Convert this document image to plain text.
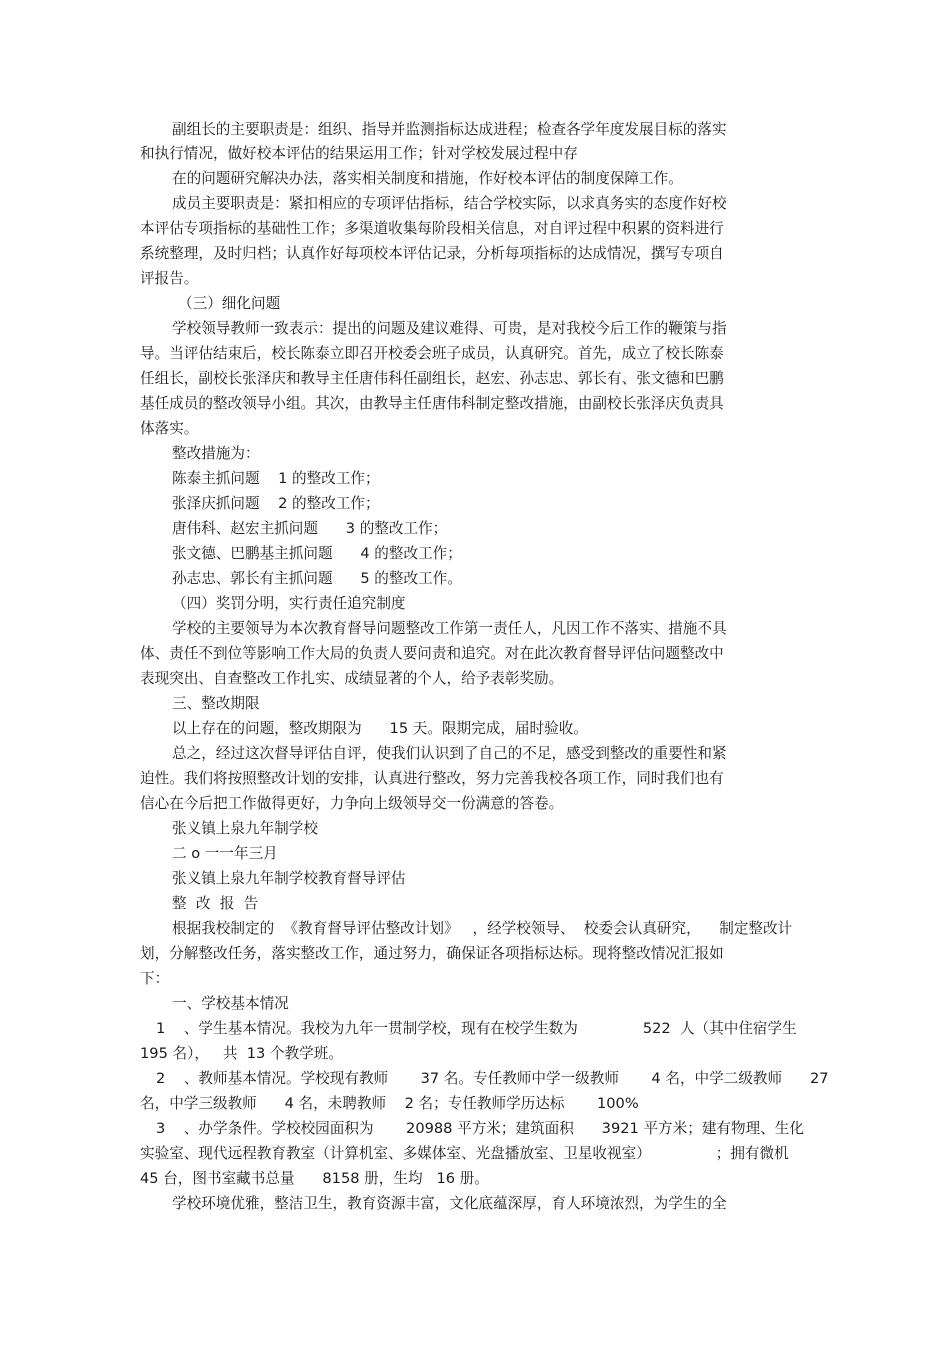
副组长的主要职责是：组织、指导并监测指标达成进程；检查各学年度发展目标的落实
和执行情况，做好校本评估的结果运用工作；针对学校发展过程中存
在的问题研究解决办法，落实相关制度和措施，作好校本评估的制度保障工作。
成员主要职责是：紧扣相应的专项评估指标，结合学校实际，以求真务实的态度作好校
本评估专项指标的基础性工作；多渠道收集每阶段相关信息，对自评过程中积累的资料进行
系统整理，及时归档；认真作好每项校本评估记录，分析每项指标的达成情况，撰写专项自
评报告。
（三）细化问题
学校领导教师一致表示：提出的问题及建议难得、可贵，是对我校今后工作的鞭策与指
导。当评估结束后，校长陈泰立即召开校委会班子成员，认真研究。首先，成立了校长陈泰
任组长，副校长张泽庆和教导主任唐伟科任副组长，赵宏、孙志忠、郭长有、张文德和巴鹏
基任成员的整改领导小组。其次，由教导主任唐伟科制定整改措施，由副校长张泽庆负责具
体落实。
整改措施为：
陈泰主抓问题    1 的整改工作；
张泽庆抓问题    2 的整改工作；
唐伟科、赵宏主抓问题      3 的整改工作；
张文德、巴鹏基主抓问题      4 的整改工作；
孙志忠、郭长有主抓问题      5 的整改工作。
（四）奖罚分明，实行责任追究制度
学校的主要领导为本次教育督导问题整改工作第一责任人，凡因工作不落实、措施不具
体、责任不到位等影响工作大局的负责人要问责和追究。对在此次教育督导评估问题整改中
表现突出、自查整改工作扎实、成绩显著的个人，给予表彰奖励。
三、整改期限
以上存在的问题，整改期限为      15 天。限期完成，届时验收。
总之，经过这次督导评估自评，使我们认识到了自己的不足，感受到整改的重要性和紧
迫性。我们将按照整改计划的安排，认真进行整改，努力完善我校各项工作，同时我们也有
信心在今后把工作做得更好，力争向上级领导交一份满意的答卷。
张义镇上泉九年制学校
二 o 一一年三月
张义镇上泉九年制学校教育督导评估
整  改  报  告
根据我校制定的  《教育督导评估整改计划》   ，经学校领导、  校委会认真研究，    制定整改计
划，分解整改任务，落实整改工作，通过努力，确保证各项指标达标。现将整改情况汇报如
下：
一、学校基本情况
1    、学生基本情况。我校为九年一贯制学校，现有在校学生数为              522  人（其中住宿学生
195 名），   共  13 个教学班。
2    、教师基本情况。学校现有教师       37 名。专任教师中学一级教师       4 名，中学二级教师      27
名，中学三级教师      4 名，未聘教师    2 名；专任教师学历达标       100%
3    、办学条件。学校校园面积为       20988 平方米；建筑面积      3921 平方米；建有物理、生化
实验室、现代远程教育教室（计算机室、多媒体室、光盘播放室、卫星收视室）              ；拥有微机
45 台，图书室藏书总量      8158 册，生均   16 册。
学校环境优雅，整洁卫生，教育资源丰富，文化底蕴深厚，育人环境浓烈，为学生的全
